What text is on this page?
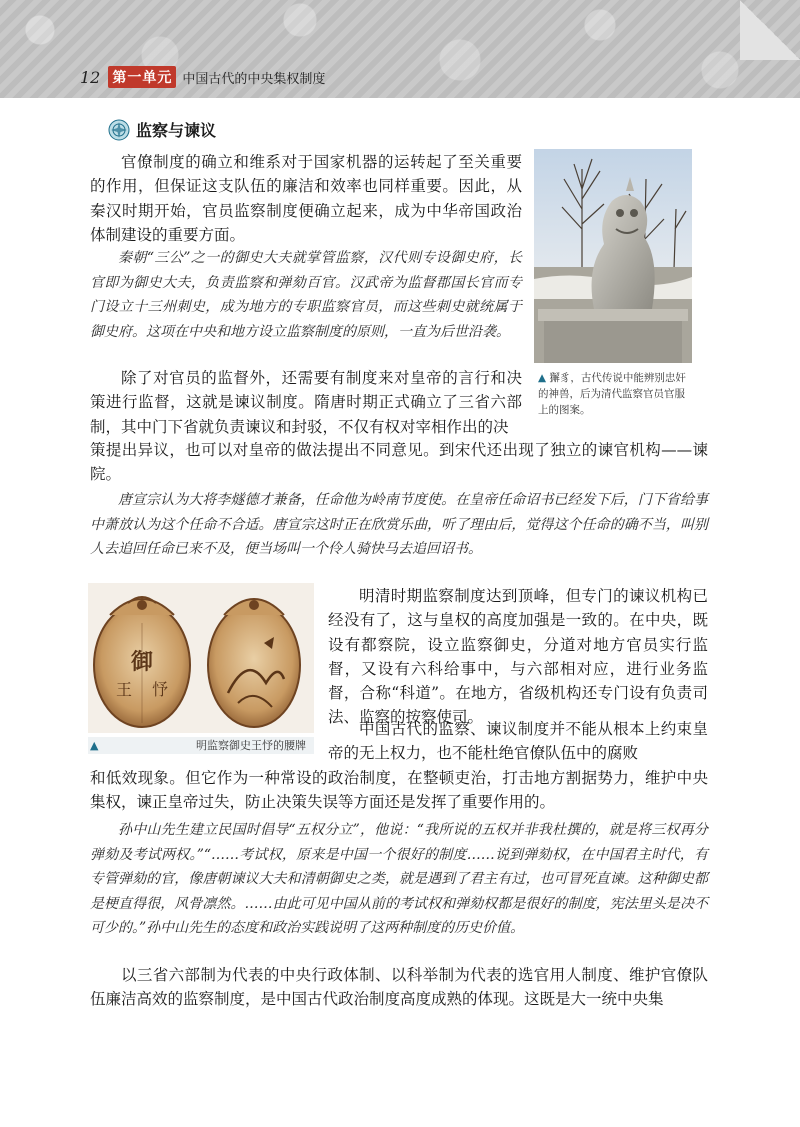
12 第一单元 中国古代的中央集权制度
监察与谏议

官僚制度的确立和维系对于国家机器的运转起了至关重要的作用，但保证这支队伍的廉洁和效率也同样重要。因此，从秦汉时期开始，官员监察制度便确立起来，成为中华帝国政治体制建设的重要方面。

秦朝“三公”之一的御史大夫就掌管监察，汉代则专设御史府，长官即为御史大夫，负责监察和弹劾百官。汉武帝为监督郡国长官而专门设立十三州刺史，成为地方的专职监察官员，而这些刺史就统属于御史府。这项在中央和地方设立监察制度的原则，一直为后世沿袭。

▲ 獬豸，古代传说中能辨别忠奸的神兽，后为清代监察官员官服上的图案。

除了对官员的监督外，还需要有制度来对皇帝的言行和决策进行监督，这就是谏议制度。隋唐时期正式确立了三省六部制，其中门下省就负责谏议和封驳，不仅有权对宰相作出的决

策提出异议，也可以对皇帝的做法提出不同意见。到宋代还出现了独立的谏官机构——谏院。

唐宣宗认为大将李燧德才兼备，任命他为岭南节度使。在皇帝任命诏书已经发下后，门下省给事中萧放认为这个任命不合适。唐宣宗这时正在欣赏乐曲，听了理由后，觉得这个任命的确不当，叫别人去追回任命已来不及，便当场叫一个伶人骑快马去追回诏书。

御
王 忬
▲	明监察御史王忬的腰牌

明清时期监察制度达到顶峰，但专门的谏议机构已经没有了，这与皇权的高度加强是一致的。在中央，既设有都察院，设立监察御史，分道对地方官员实行监督，又设有六科给事中，与六部相对应，进行业务监督，合称“科道”。在地方，省级机构还专门设有负责司法、监察的按察使司。

中国古代的监察、谏议制度并不能从根本上约束皇帝的无上权力，也不能杜绝官僚队伍中的腐败

和低效现象。但它作为一种常设的政治制度，在整顿吏治，打击地方割据势力，维护中央集权，谏正皇帝过失，防止决策失误等方面还是发挥了重要作用的。

孙中山先生建立民国时倡导“五权分立”，他说：“我所说的五权并非我杜撰的，就是将三权再分弹劾及考试两权。”“……考试权，原来是中国一个很好的制度……说到弹劾权，在中国君主时代，有专管弹劾的官，像唐朝谏议大夫和清朝御史之类，就是遇到了君主有过，也可冒死直谏。这种御史都是梗直得很，风骨凛然。……由此可见中国从前的考试权和弹劾权都是很好的制度，宪法里头是决不可少的。”孙中山先生的态度和政治实践说明了这两种制度的历史价值。

以三省六部制为代表的中央行政体制、以科举制为代表的选官用人制度、维护官僚队伍廉洁高效的监察制度，是中国古代政治制度高度成熟的体现。这既是大一统中央集
